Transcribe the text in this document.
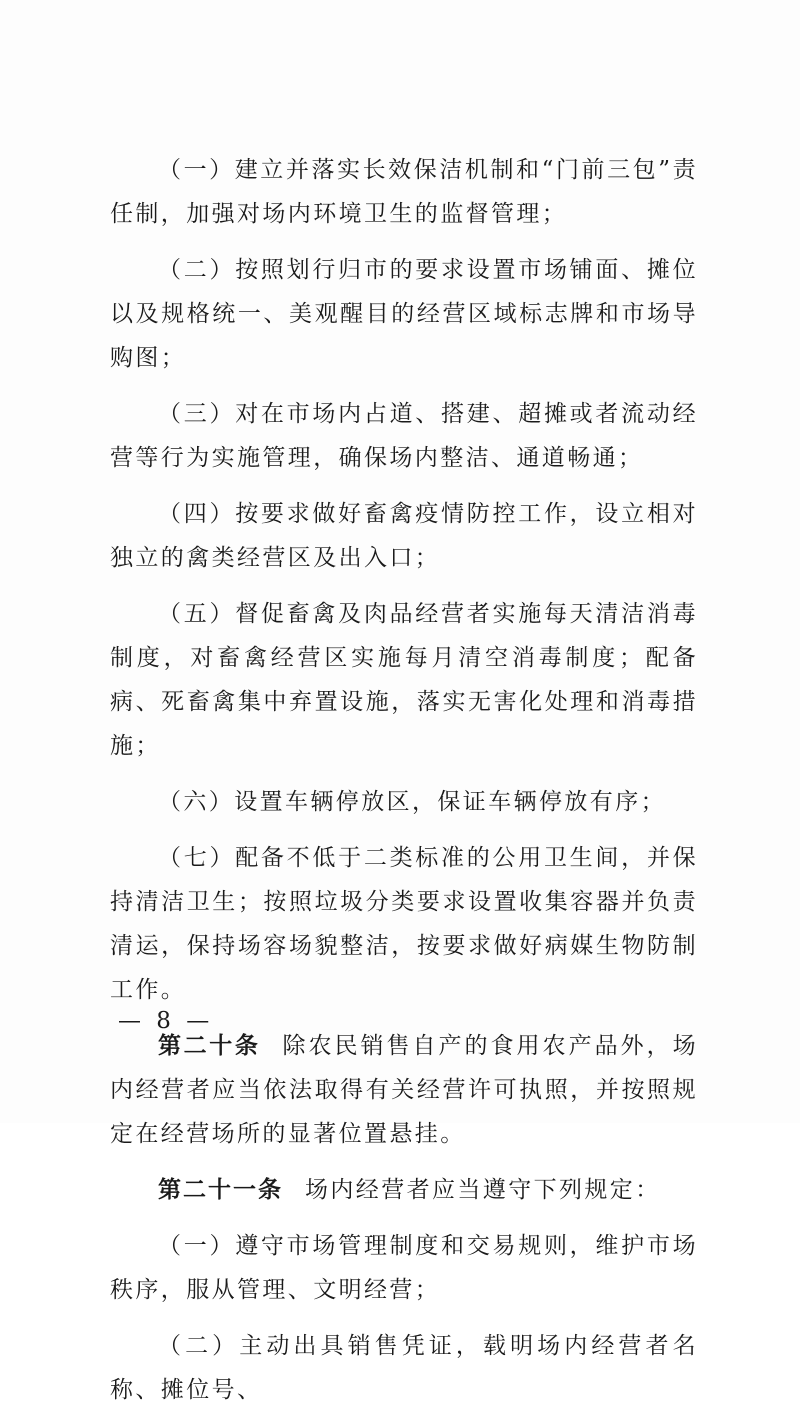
（一）建立并落实长效保洁机制和“门前三包”责任制，加强对场内环境卫生的监督管理；

（二）按照划行归市的要求设置市场铺面、摊位以及规格统一、美观醒目的经营区域标志牌和市场导购图；

（三）对在市场内占道、搭建、超摊或者流动经营等行为实施管理，确保场内整洁、通道畅通；

（四）按要求做好畜禽疫情防控工作，设立相对独立的禽类经营区及出入口；

（五）督促畜禽及肉品经营者实施每天清洁消毒制度，对畜禽经营区实施每月清空消毒制度；配备病、死畜禽集中弃置设施，落实无害化处理和消毒措施；

（六）设置车辆停放区，保证车辆停放有序；

（七）配备不低于二类标准的公用卫生间，并保持清洁卫生；按照垃圾分类要求设置收集容器并负责清运，保持场容场貌整洁，按要求做好病媒生物防制工作。

第二十条 除农民销售自产的食用农产品外，场内经营者应当依法取得有关经营许可执照，并按照规定在经营场所的显著位置悬挂。

第二十一条 场内经营者应当遵守下列规定：

（一）遵守市场管理制度和交易规则，维护市场秩序，服从管理、文明经营；

（二）主动出具销售凭证，载明场内经营者名称、摊位号、

— 8 —
